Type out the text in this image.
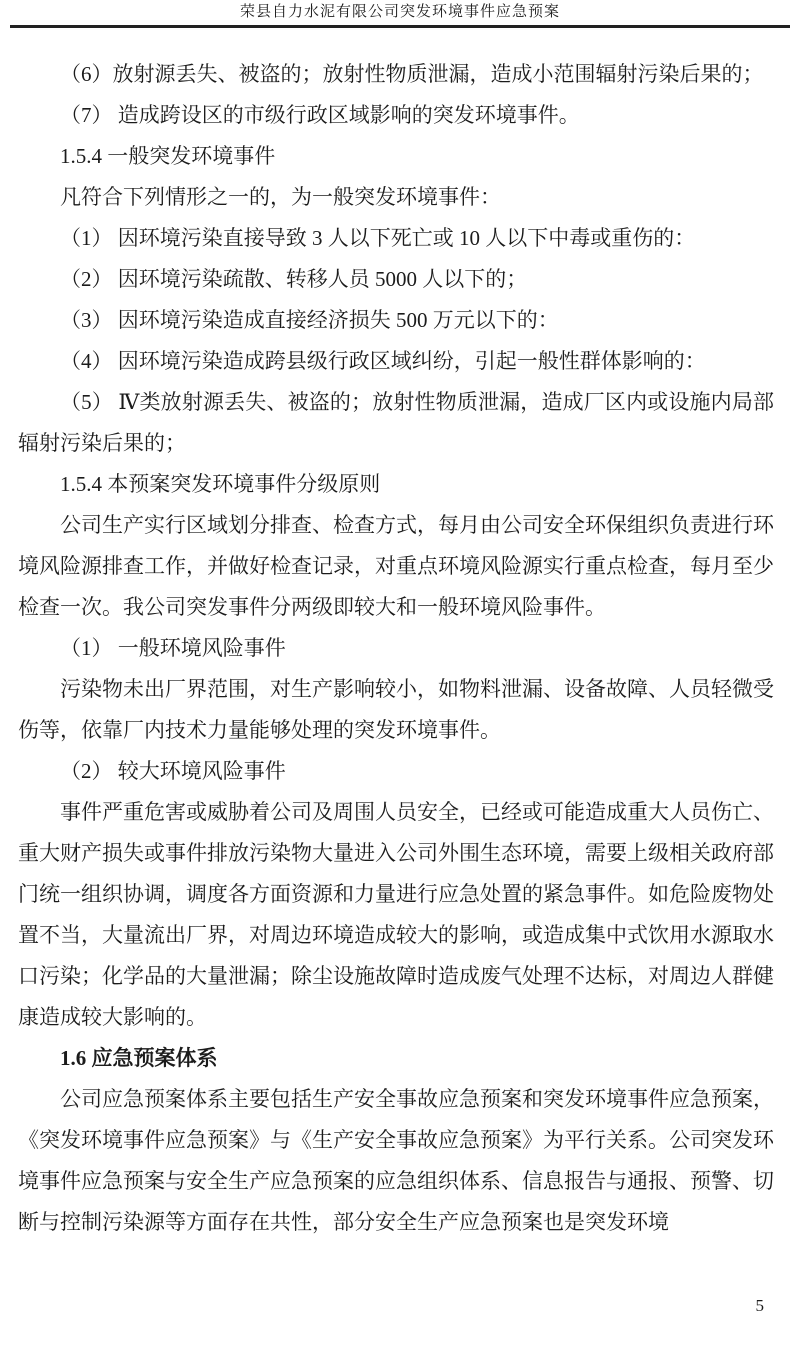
荣县自力水泥有限公司突发环境事件应急预案

（6）放射源丢失、被盗的；放射性物质泄漏，造成小范围辐射污染后果的；

（7） 造成跨设区的市级行政区域影响的突发环境事件。

1.5.4 一般突发环境事件

凡符合下列情形之一的，为一般突发环境事件：

（1） 因环境污染直接导致 3 人以下死亡或 10 人以下中毒或重伤的：

（2） 因环境污染疏散、转移人员 5000 人以下的；

（3） 因环境污染造成直接经济损失 500 万元以下的：

（4） 因环境污染造成跨县级行政区域纠纷，引起一般性群体影响的：

（5） Ⅳ类放射源丢失、被盗的；放射性物质泄漏，造成厂区内或设施内局部辐射污染后果的；

1.5.4 本预案突发环境事件分级原则

公司生产实行区域划分排查、检查方式，每月由公司安全环保组织负责进行环境风险源排查工作，并做好检查记录，对重点环境风险源实行重点检查，每月至少检查一次。我公司突发事件分两级即较大和一般环境风险事件。

（1） 一般环境风险事件

污染物未出厂界范围，对生产影响较小，如物料泄漏、设备故障、人员轻微受伤等，依靠厂内技术力量能够处理的突发环境事件。

（2） 较大环境风险事件

事件严重危害或威胁着公司及周围人员安全，已经或可能造成重大人员伤亡、重大财产损失或事件排放污染物大量进入公司外围生态环境，需要上级相关政府部门统一组织协调，调度各方面资源和力量进行应急处置的紧急事件。如危险废物处置不当，大量流出厂界，对周边环境造成较大的影响，或造成集中式饮用水源取水口污染；化学品的大量泄漏；除尘设施故障时造成废气处理不达标，对周边人群健康造成较大影响的。

1.6 应急预案体系

公司应急预案体系主要包括生产安全事故应急预案和突发环境事件应急预案，《突发环境事件应急预案》与《生产安全事故应急预案》为平行关系。公司突发环境事件应急预案与安全生产应急预案的应急组织体系、信息报告与通报、预警、切断与控制污染源等方面存在共性，部分安全生产应急预案也是突发环境

5
